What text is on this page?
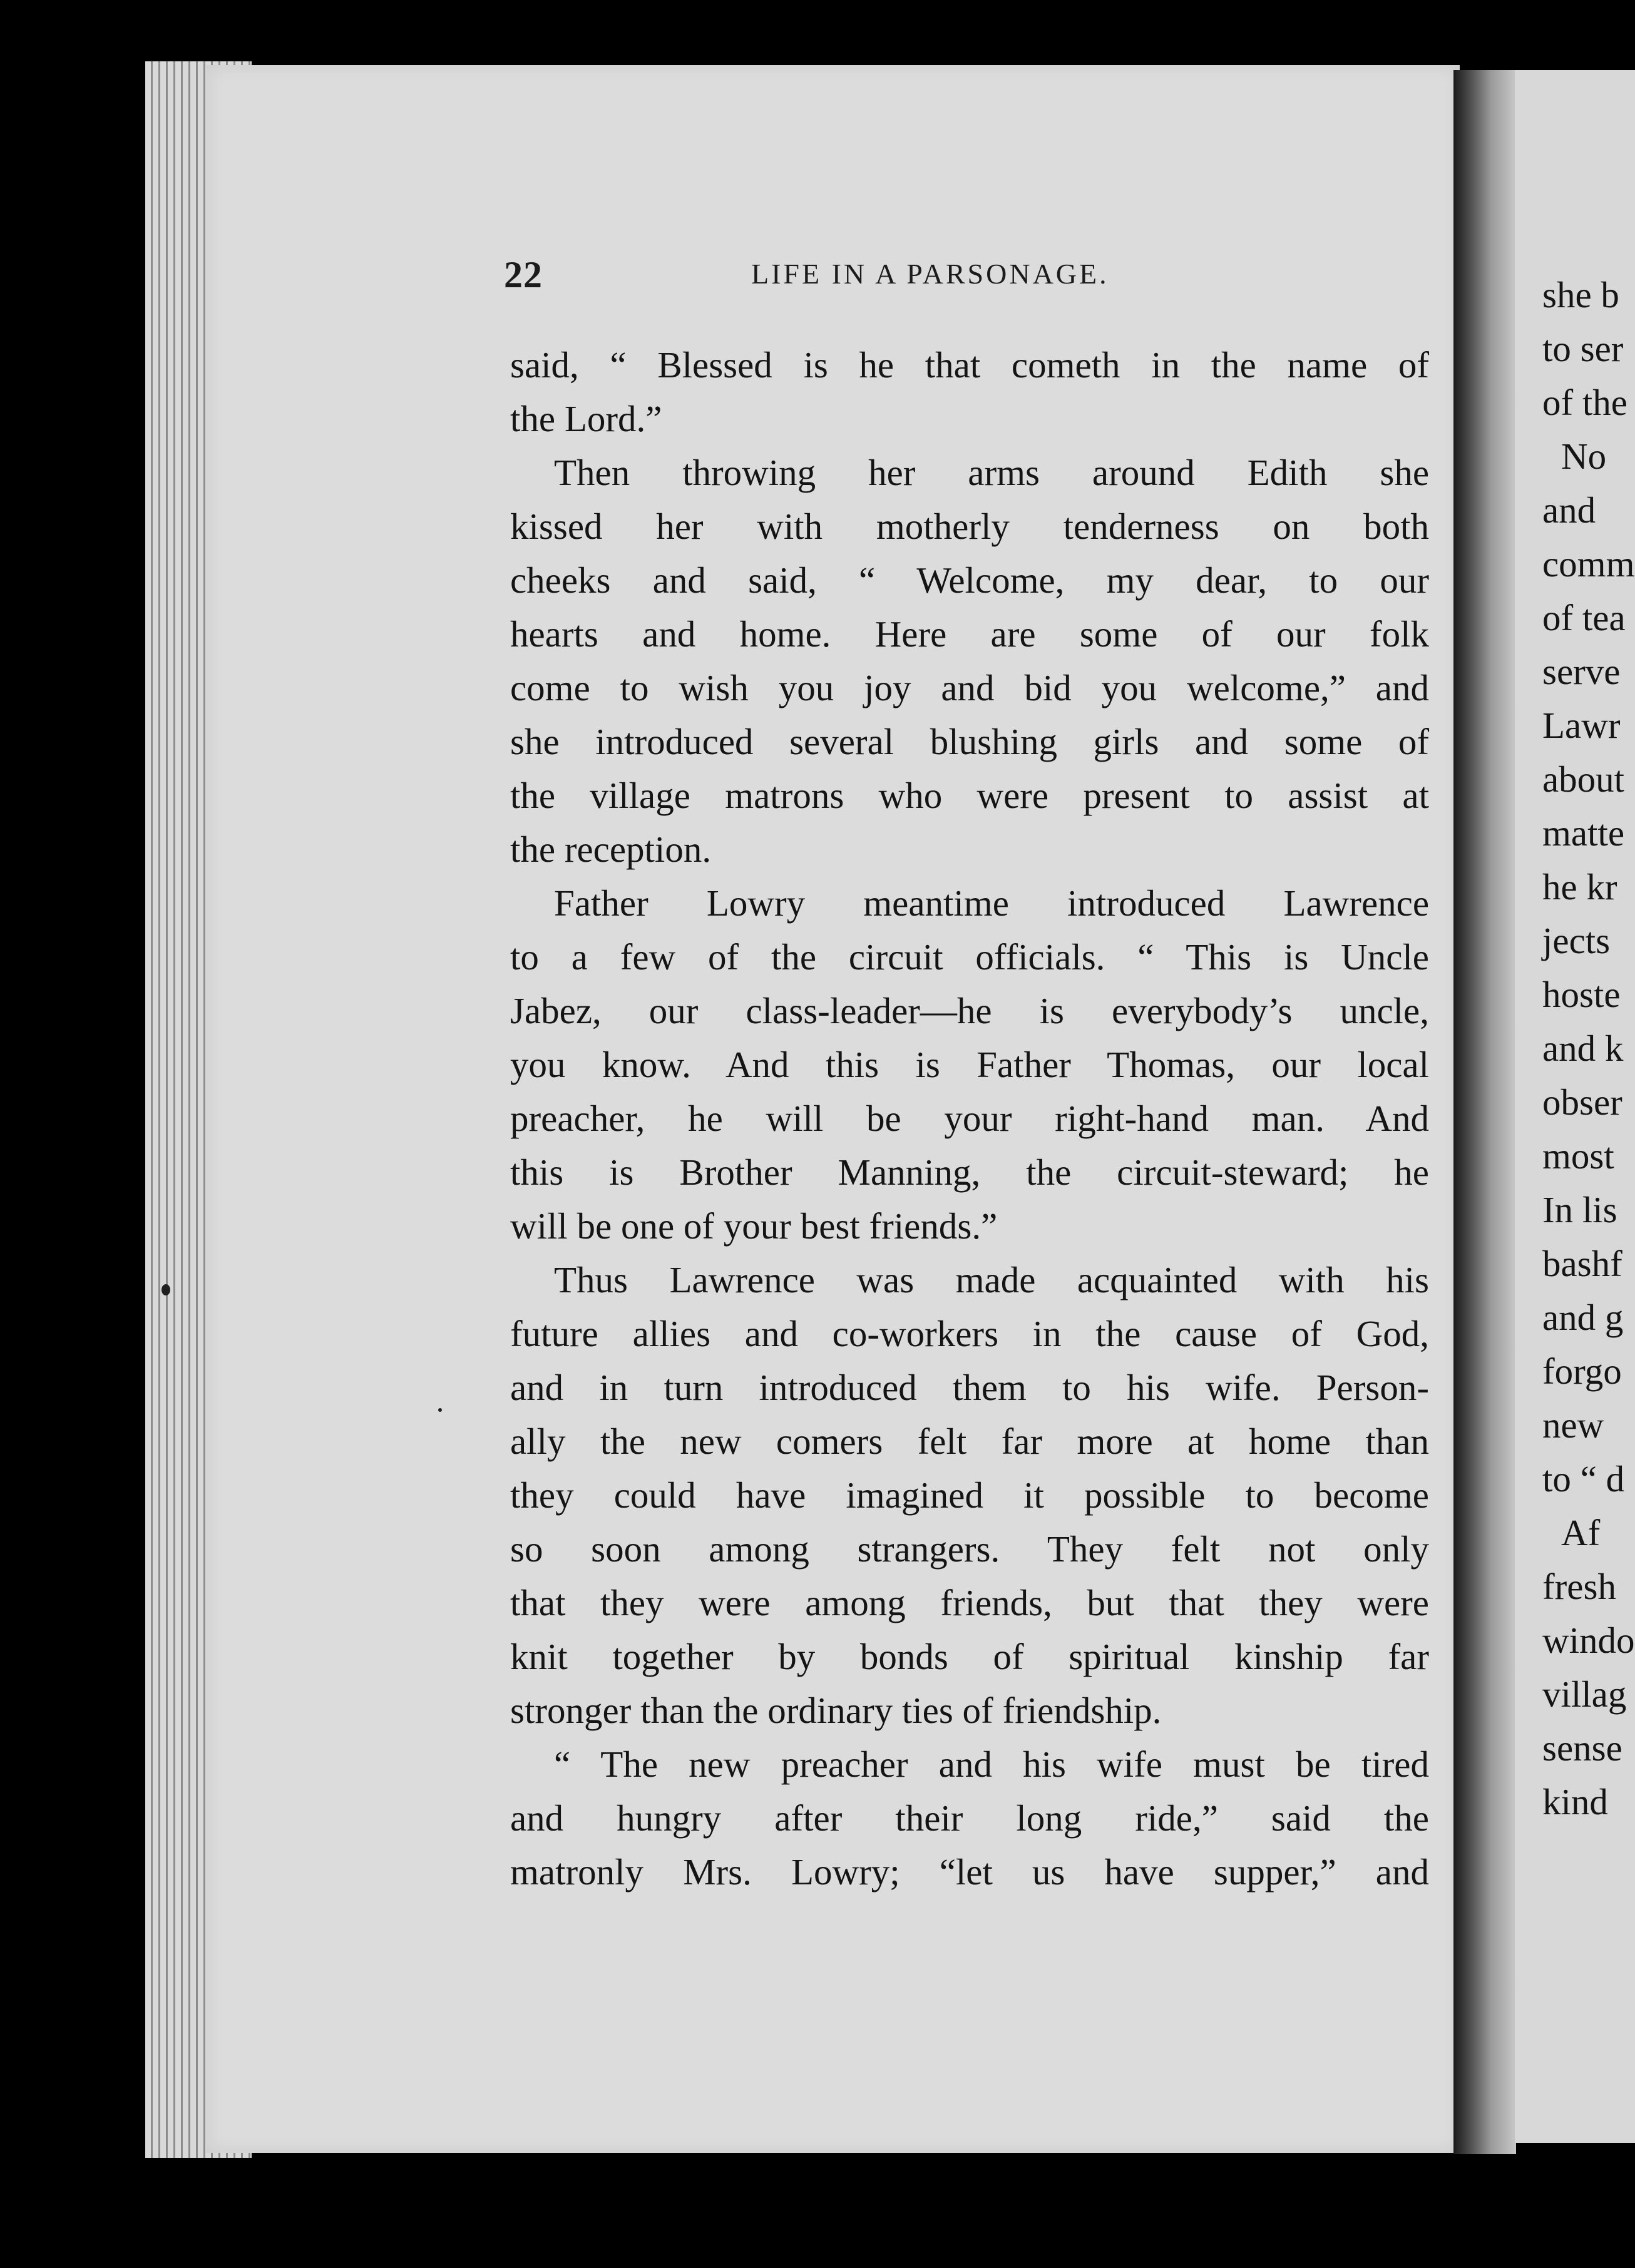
she b

to ser

of the

No

and

comm

of tea

serve

Lawr

about

matte

he kr

jects

hoste

and k

obser

most

In lis

bashf

and g

forgo

new

to “ d

Af

fresh

windo

villag

sense

kind

22	LIFE IN A PARSONAGE.

said, “ Blessed is he that cometh in the name of

the Lord.”

Then throwing her arms around Edith she

kissed her with motherly tenderness on both

cheeks and said, “ Welcome, my dear, to our

hearts and home. Here are some of our folk

come to wish you joy and bid you welcome,” and

she introduced several blushing girls and some of

the village matrons who were present to assist at

the reception.

Father Lowry meantime introduced Lawrence

to a few of the circuit officials. “ This is Uncle

Jabez, our class-leader—he is everybody’s uncle,

you know. And this is Father Thomas, our local

preacher, he will be your right-hand man. And

this is Brother Manning, the circuit-steward; he

will be one of your best friends.”

Thus Lawrence was made acquainted with his

future allies and co-workers in the cause of God,

and in turn introduced them to his wife. Person-

ally the new comers felt far more at home than

they could have imagined it possible to become

so soon among strangers. They felt not only

that they were among friends, but that they were

knit together by bonds of spiritual kinship far

stronger than the ordinary ties of friendship.

“ The new preacher and his wife must be tired

and hungry after their long ride,” said the

matronly Mrs. Lowry; “let us have supper,” and
